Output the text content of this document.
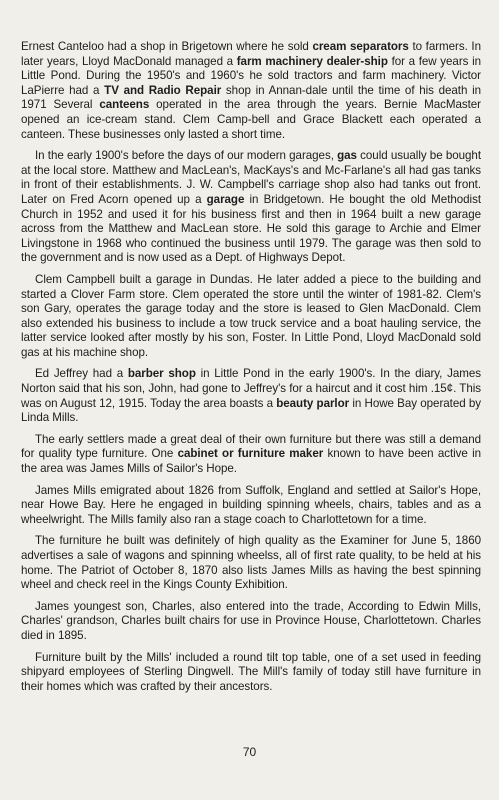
Ernest Canteloo had a shop in Brigetown where he sold cream separators to farmers. In later years, Lloyd MacDonald managed a farm machinery dealer-ship for a few years in Little Pond. During the 1950's and 1960's he sold tractors and farm machinery. Victor LaPierre had a TV and Radio Repair shop in Annan-dale until the time of his death in 1971 Several canteens operated in the area through the years. Bernie MacMaster opened an ice-cream stand. Clem Camp-bell and Grace Blackett each operated a canteen. These businesses only lasted a short time.

In the early 1900's before the days of our modern garages, gas could usually be bought at the local store. Matthew and MacLean's, MacKays's and Mc-Farlane's all had gas tanks in front of their establishments. J. W. Campbell's carriage shop also had tanks out front. Later on Fred Acorn opened up a garage in Bridgetown. He bought the old Methodist Church in 1952 and used it for his business first and then in 1964 built a new garage across from the Matthew and MacLean store. He sold this garage to Archie and Elmer Livingstone in 1968 who continued the business until 1979. The garage was then sold to the government and is now used as a Dept. of Highways Depot.

Clem Campbell built a garage in Dundas. He later added a piece to the building and started a Clover Farm store. Clem operated the store until the winter of 1981-82. Clem's son Gary, operates the garage today and the store is leased to Glen MacDonald. Clem also extended his business to include a tow truck service and a boat hauling service, the latter service looked after mostly by his son, Foster. In Little Pond, Lloyd MacDonald sold gas at his machine shop.

Ed Jeffrey had a barber shop in Little Pond in the early 1900's. In the diary, James Norton said that his son, John, had gone to Jeffrey's for a haircut and it cost him .15¢. This was on August 12, 1915. Today the area boasts a beauty parlor in Howe Bay operated by Linda Mills.

The early settlers made a great deal of their own furniture but there was still a demand for quality type furniture. One cabinet or furniture maker known to have been active in the area was James Mills of Sailor's Hope.

James Mills emigrated about 1826 from Suffolk, England and settled at Sailor's Hope, near Howe Bay. Here he engaged in building spinning wheels, chairs, tables and as a wheelwright. The Mills family also ran a stage coach to Charlottetown for a time.

The furniture he built was definitely of high quality as the Examiner for June 5, 1860 advertises a sale of wagons and spinning wheelss, all of first rate quality, to be held at his home. The Patriot of October 8, 1870 also lists James Mills as having the best spinning wheel and check reel in the Kings County Exhibition.

James youngest son, Charles, also entered into the trade, According to Edwin Mills, Charles' grandson, Charles built chairs for use in Province House, Charlottetown. Charles died in 1895.

Furniture built by the Mills' included a round tilt top table, one of a set used in feeding shipyard employees of Sterling Dingwell. The Mill's family of today still have furniture in their homes which was crafted by their ancestors.

70
